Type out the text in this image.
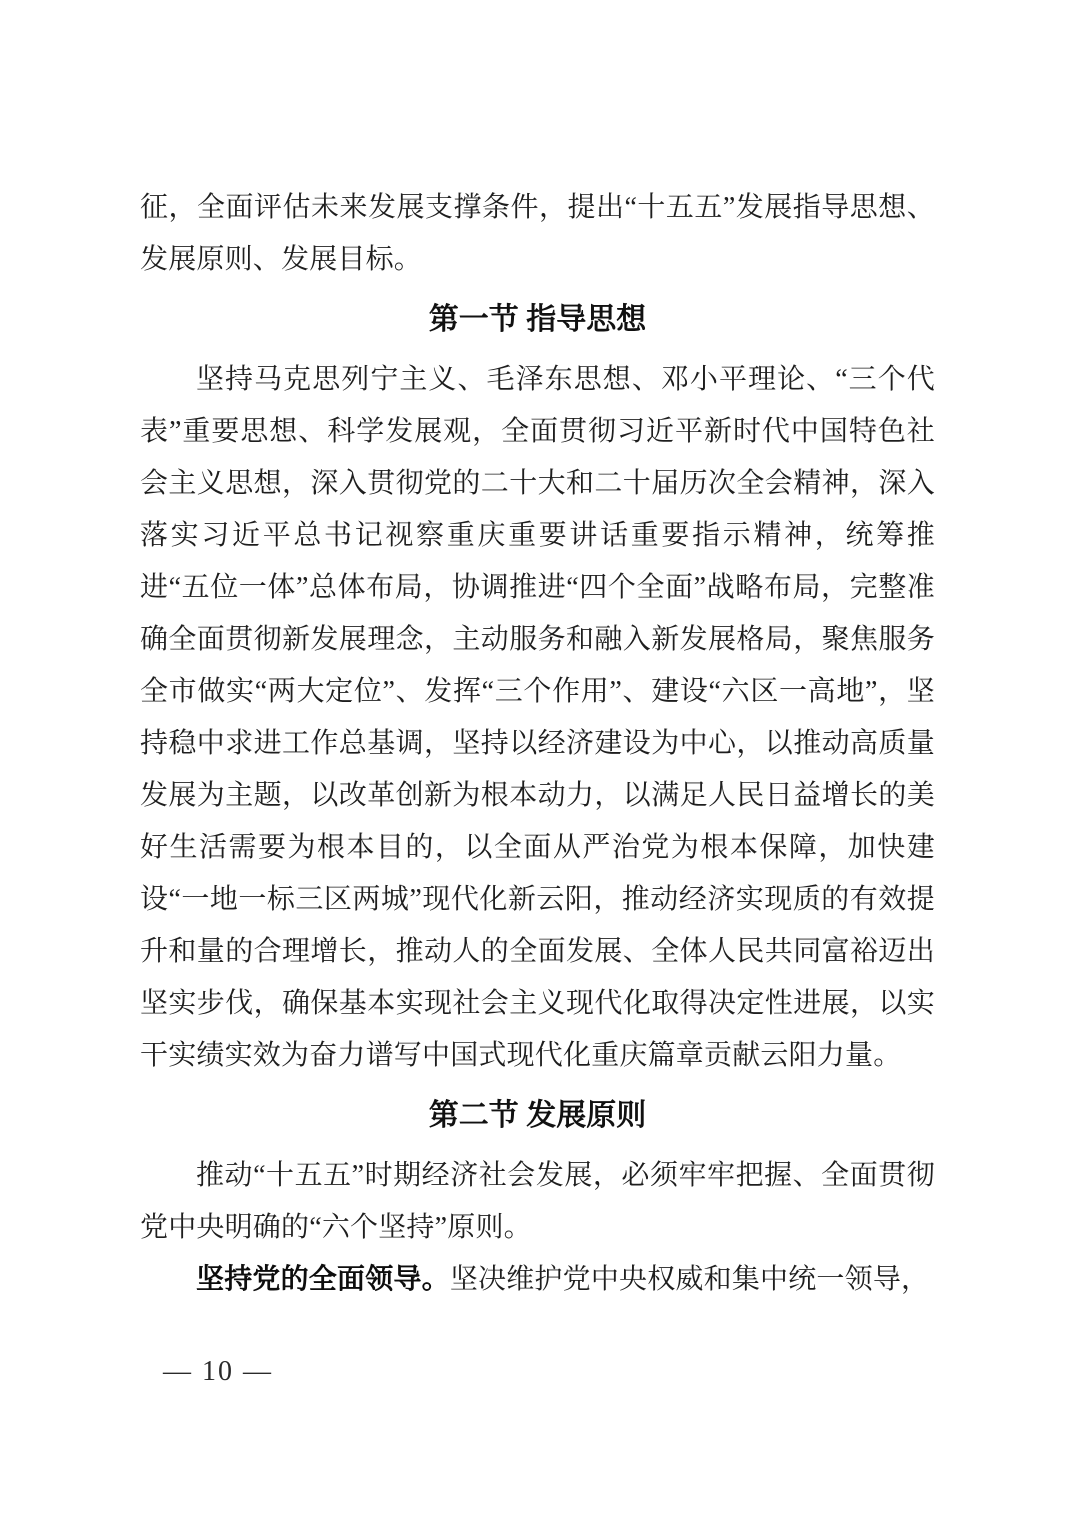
征，全面评估未来发展支撑条件，提出“十五五”发展指导思想、发展原则、发展目标。

第一节 指导思想

坚持马克思列宁主义、毛泽东思想、邓小平理论、“三个代表”重要思想、科学发展观，全面贯彻习近平新时代中国特色社会主义思想，深入贯彻党的二十大和二十届历次全会精神，深入落实习近平总书记视察重庆重要讲话重要指示精神，统筹推进“五位一体”总体布局，协调推进“四个全面”战略布局，完整准确全面贯彻新发展理念，主动服务和融入新发展格局，聚焦服务全市做实“两大定位”、发挥“三个作用”、建设“六区一高地”，坚持稳中求进工作总基调，坚持以经济建设为中心，以推动高质量发展为主题，以改革创新为根本动力，以满足人民日益增长的美好生活需要为根本目的，以全面从严治党为根本保障，加快建设“一地一标三区两城”现代化新云阳，推动经济实现质的有效提升和量的合理增长，推动人的全面发展、全体人民共同富裕迈出坚实步伐，确保基本实现社会主义现代化取得决定性进展，以实干实绩实效为奋力谱写中国式现代化重庆篇章贡献云阳力量。

第二节 发展原则

推动“十五五”时期经济社会发展，必须牢牢把握、全面贯彻党中央明确的“六个坚持”原则。

坚持党的全面领导。坚决维护党中央权威和集中统一领导，

— 10 —
